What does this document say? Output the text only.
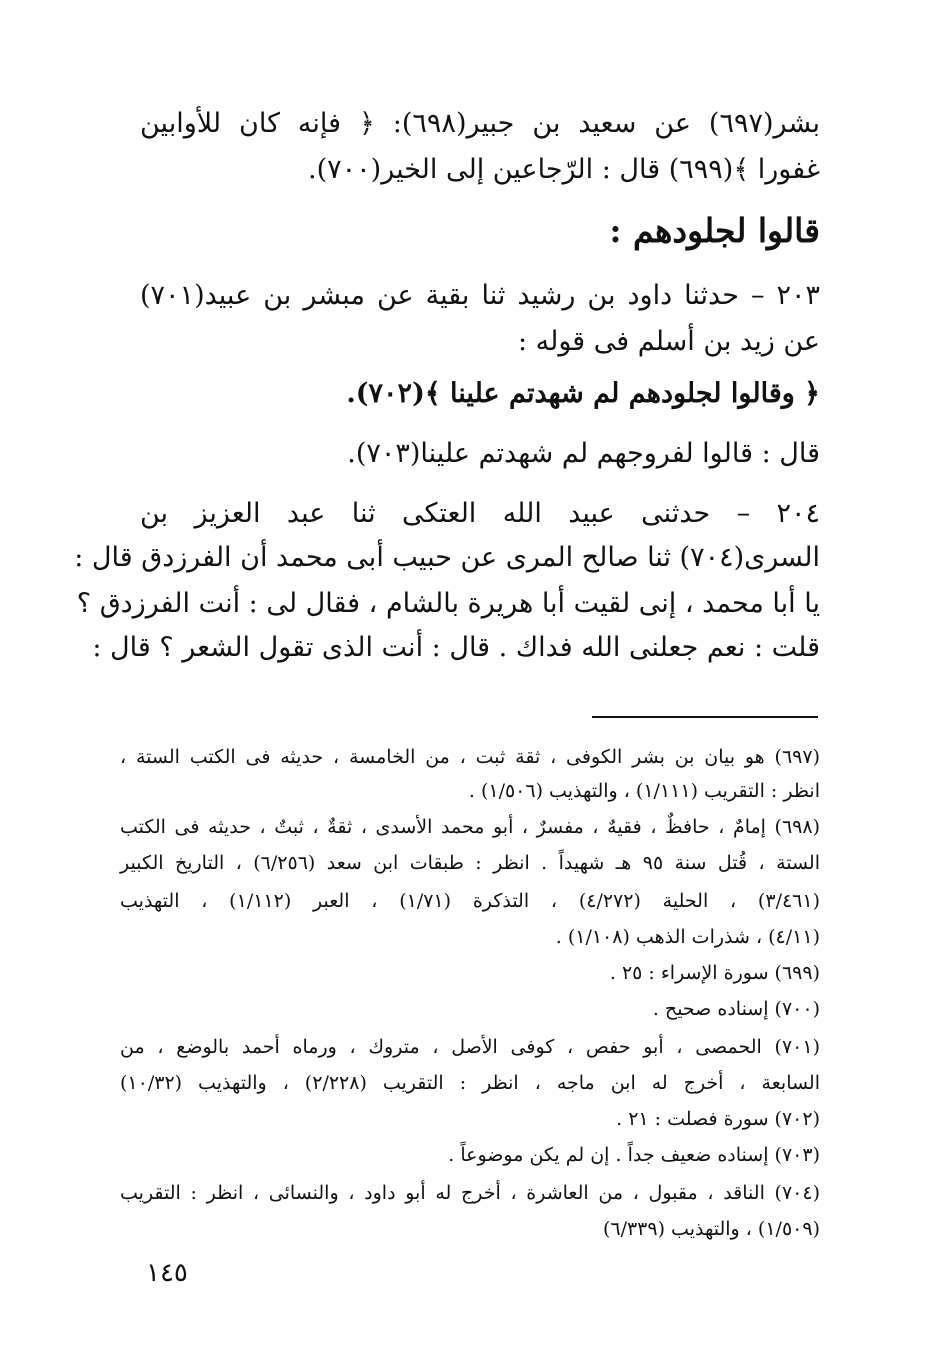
بشر(٦٩٧) عن سعيد بن جبير(٦٩٨): ﴿ فإنه كان للأوابين
غفورا ﴾(٦٩٩) قال : الرّجاعين إلى الخير(٧٠٠).
قالوا لجلودهم :
٢٠٣ – حدثنا داود بن رشيد ثنا بقية عن مبشر بن عبيد(٧٠١)
عن زيد بن أسلم فى قوله :
﴿ وقالوا لجلودهم لم شهدتم علينا ﴾(٧٠٢).
قال : قالوا لفروجهم لم شهدتم علينا(٧٠٣).
٢٠٤ – حدثنى عبيد الله العتكى ثنا عبد العزيز بن
السرى(٧٠٤) ثنا صالح المرى عن حبيب أبى محمد أن الفرزدق قال :
يا أبا محمد ، إنى لقيت أبا هريرة بالشام ، فقال لى : أنت الفرزدق ؟
قلت : نعم جعلنى الله فداك . قال : أنت الذى تقول الشعر ؟ قال :
(٦٩٧) هو بيان بن بشر الكوفى ، ثقة ثبت ، من الخامسة ، حديثه فى الكتب الستة ،
انظر : التقريب (١/١١١) ، والتهذيب (١/٥٠٦) .
(٦٩٨) إمامٌ ، حافظٌ ، فقيهٌ ، مفسرٌ ، أبو محمد الأسدى ، ثقةٌ ، ثبتٌ ، حديثه فى الكتب
الستة ، قُتل سنة ٩٥ هـ شهيداً . انظر : طبقات ابن سعد (٦/٢٥٦) ، التاريخ الكبير
(٣/٤٦١) ، الحلية (٤/٢٧٢) ، التذكرة (١/٧١) ، العبر (١/١١٢) ، التهذيب
(٤/١١) ، شذرات الذهب (١/١٠٨) .
(٦٩٩) سورة الإسراء : ٢٥ .
(٧٠٠) إسناده صحيح .
(٧٠١) الحمصى ، أبو حفص ، كوفى الأصل ، متروك ، ورماه أحمد بالوضع ، من
السابعة ، أخرج له ابن ماجه ، انظر : التقريب (٢/٢٢٨) ، والتهذيب (١٠/٣٢)
(٧٠٢) سورة فصلت : ٢١ .
(٧٠٣) إسناده ضعيف جداً . إن لم يكن موضوعاً .
(٧٠٤) الناقد ، مقبول ، من العاشرة ، أخرج له أبو داود ، والنسائى ، انظر : التقريب
(١/٥٠٩) ، والتهذيب (٦/٣٣٩)
١٤٥
